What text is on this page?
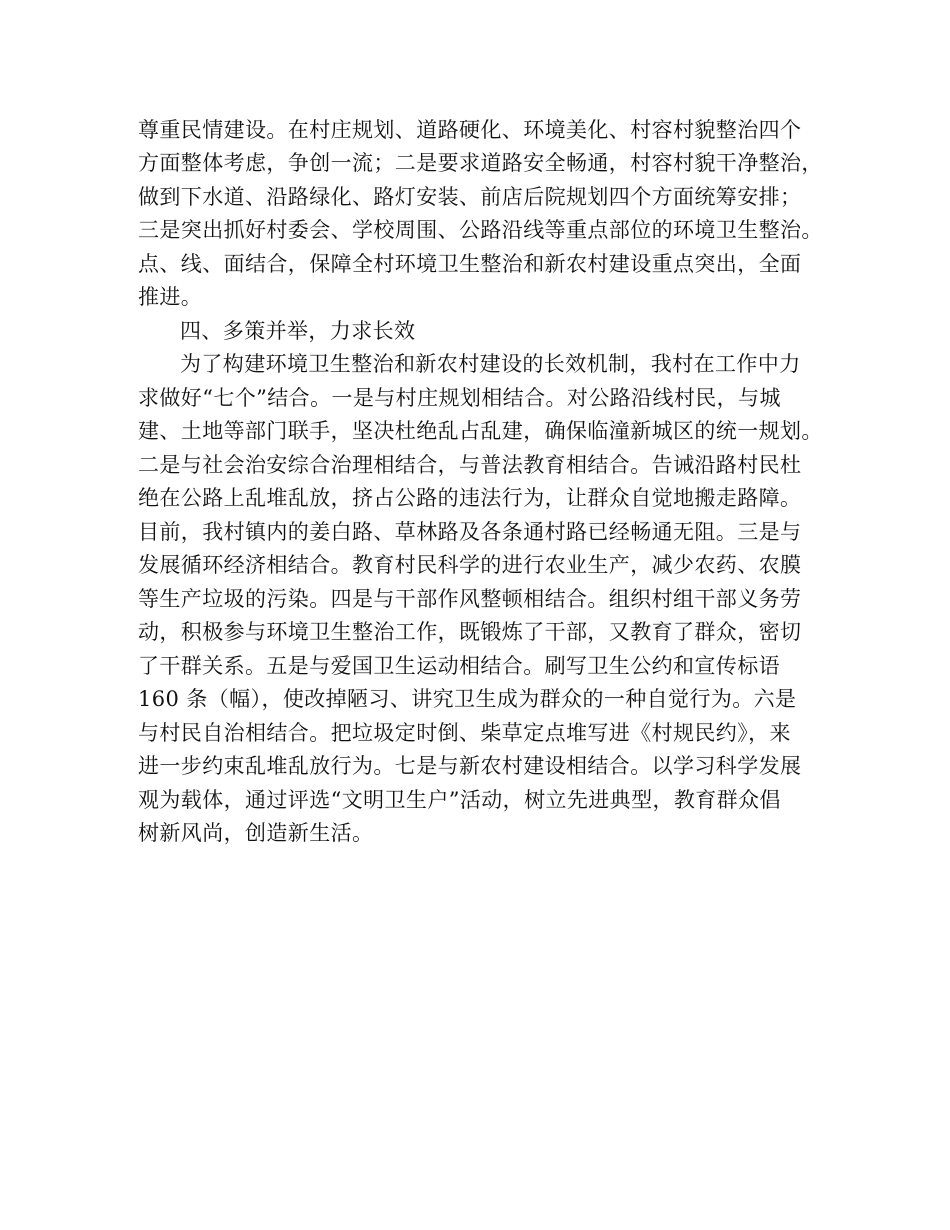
尊重民情建设。在村庄规划、道路硬化、环境美化、村容村貌整治四个
方面整体考虑，争创一流；二是要求道路安全畅通，村容村貌干净整治，
做到下水道、沿路绿化、路灯安装、前店后院规划四个方面统筹安排；
三是突出抓好村委会、学校周围、公路沿线等重点部位的环境卫生整治。
点、线、面结合，保障全村环境卫生整治和新农村建设重点突出，全面
推进。
四、多策并举，力求长效
为了构建环境卫生整治和新农村建设的长效机制，我村在工作中力
求做好“七个”结合。一是与村庄规划相结合。对公路沿线村民，与城
建、土地等部门联手，坚决杜绝乱占乱建，确保临潼新城区的统一规划。
二是与社会治安综合治理相结合，与普法教育相结合。告诫沿路村民杜
绝在公路上乱堆乱放，挤占公路的违法行为，让群众自觉地搬走路障。
目前，我村镇内的姜白路、草林路及各条通村路已经畅通无阻。三是与
发展循环经济相结合。教育村民科学的进行农业生产，减少农药、农膜
等生产垃圾的污染。四是与干部作风整顿相结合。组织村组干部义务劳
动，积极参与环境卫生整治工作，既锻炼了干部，又教育了群众，密切
了干群关系。五是与爱国卫生运动相结合。刷写卫生公约和宣传标语
160 条（幅），使改掉陋习、讲究卫生成为群众的一种自觉行为。六是
与村民自治相结合。把垃圾定时倒、柴草定点堆写进《村规民约》，来
进一步约束乱堆乱放行为。七是与新农村建设相结合。以学习科学发展
观为载体，通过评选“文明卫生户”活动，树立先进典型，教育群众倡
树新风尚，创造新生活。
